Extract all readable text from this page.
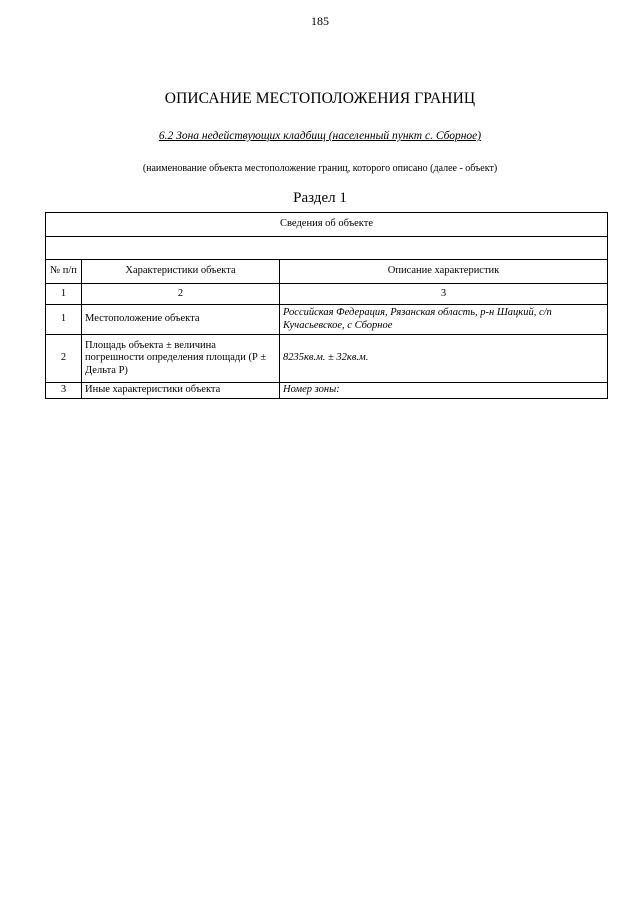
185
ОПИСАНИЕ МЕСТОПОЛОЖЕНИЯ ГРАНИЦ
6.2 Зона недействующих кладбищ (населенный пункт с. Сборное)
(наименование объекта местоположение границ, которого описано (далее - объект)
Раздел 1
Сведения об объекте		

№ п/п	Характеристики объекта	Описание характеристик
1	2	3
1	Местоположение объекта	Российская Федерация, Рязанская область, р-н Шацкий, с/п Кучасьевское, с Сборное
2	Площадь объекта ± величина погрешности определения площади (Р ± Дельта Р)	8235кв.м. ± 32кв.м.
3	Иные характеристики объекта	Номер зоны:
